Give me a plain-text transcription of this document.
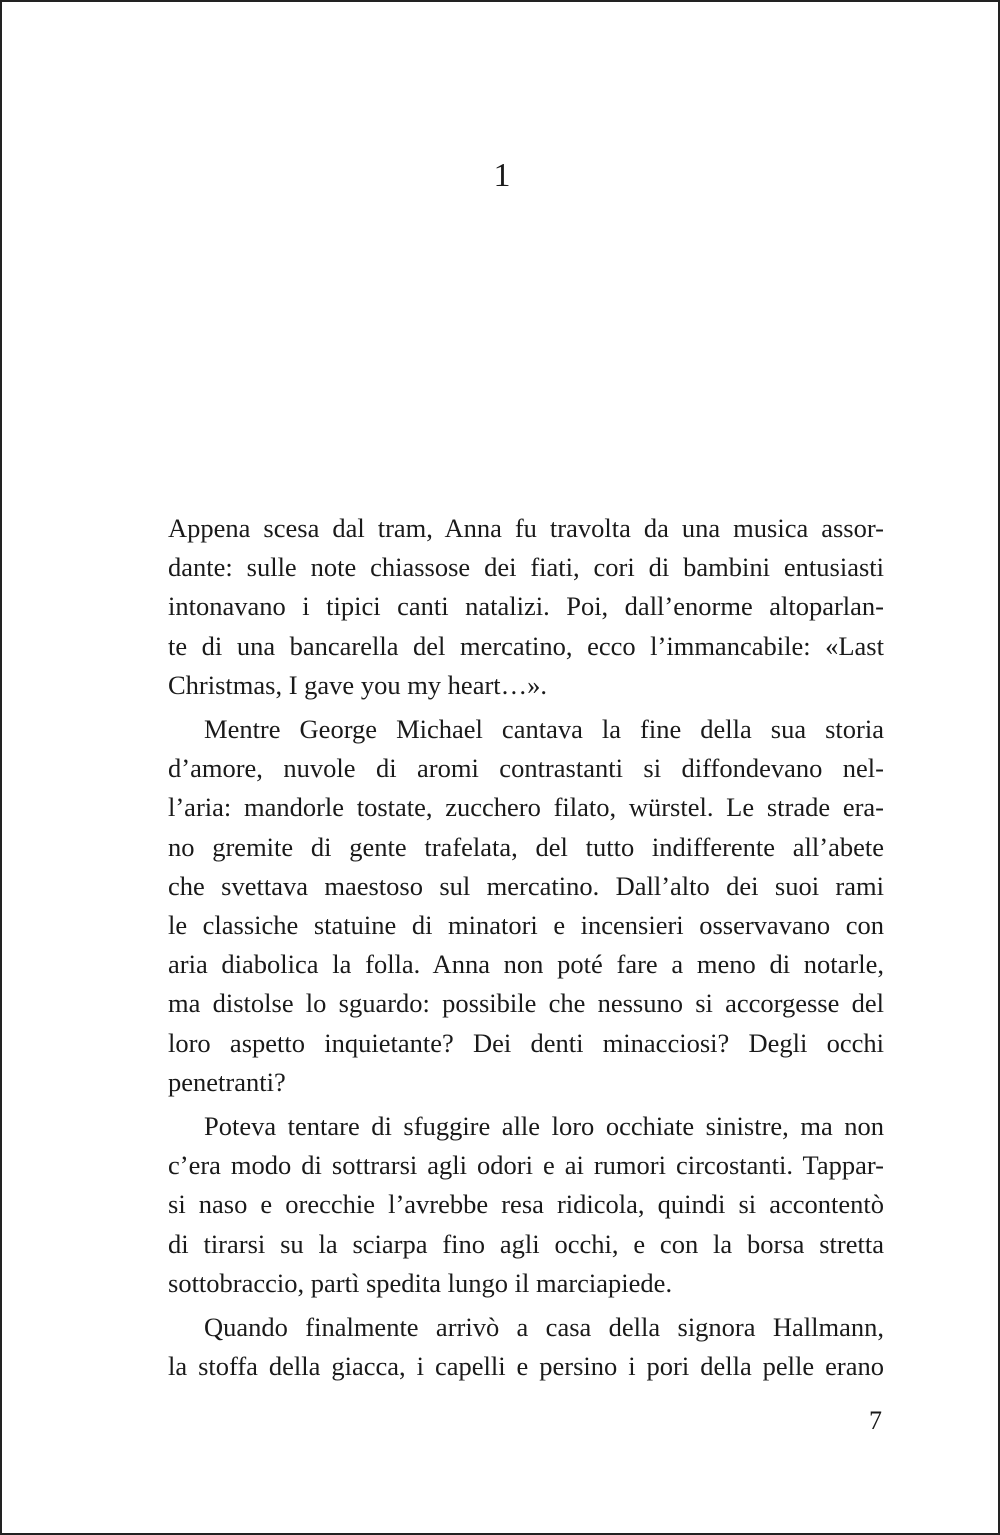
1

Appena scesa dal tram, Anna fu travolta da una musica assor-
dante: sulle note chiassose dei fiati, cori di bambini entusiasti
intonavano i tipici canti natalizi. Poi, dall’enorme altoparlan-
te di una bancarella del mercatino, ecco l’immancabile: «Last
Christmas, I gave you my heart…».

Mentre George Michael cantava la fine della sua storia
d’amore, nuvole di aromi contrastanti si diffondevano nel-
l’aria: mandorle tostate, zucchero filato, würstel. Le strade era-
no gremite di gente trafelata, del tutto indifferente all’abete
che svettava maestoso sul mercatino. Dall’alto dei suoi rami
le classiche statuine di minatori e incensieri osservavano con
aria diabolica la folla. Anna non poté fare a meno di notarle,
ma distolse lo sguardo: possibile che nessuno si accorgesse del
loro aspetto inquietante? Dei denti minacciosi? Degli occhi
penetranti?

Poteva tentare di sfuggire alle loro occhiate sinistre, ma non
c’era modo di sottrarsi agli odori e ai rumori circostanti. Tappar-
si naso e orecchie l’avrebbe resa ridicola, quindi si accontentò
di tirarsi su la sciarpa fino agli occhi, e con la borsa stretta
sottobraccio, partì spedita lungo il marciapiede.

Quando finalmente arrivò a casa della signora Hallmann,
la stoffa della giacca, i capelli e persino i pori della pelle erano

7
